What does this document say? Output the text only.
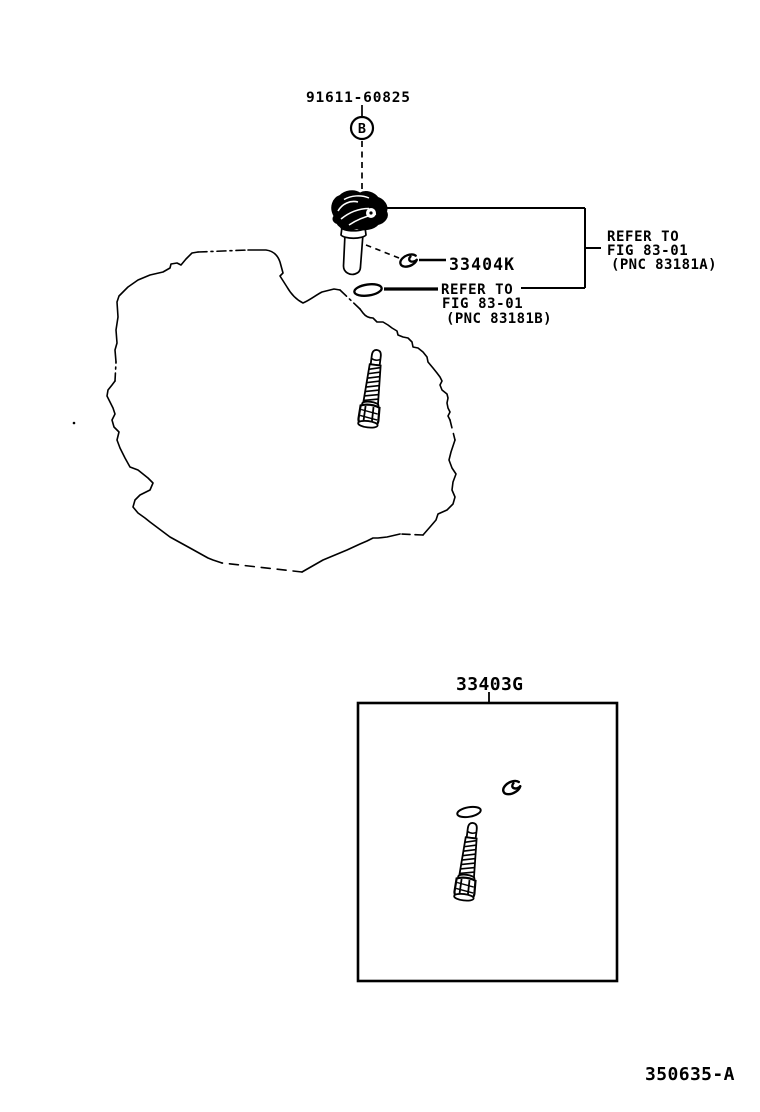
91611-60825
B
REFER TO
FIG 83-01
(PNC 83181A)
33404K
REFER TO
FIG 83-01
(PNC 83181B)
33403G
350635-A
